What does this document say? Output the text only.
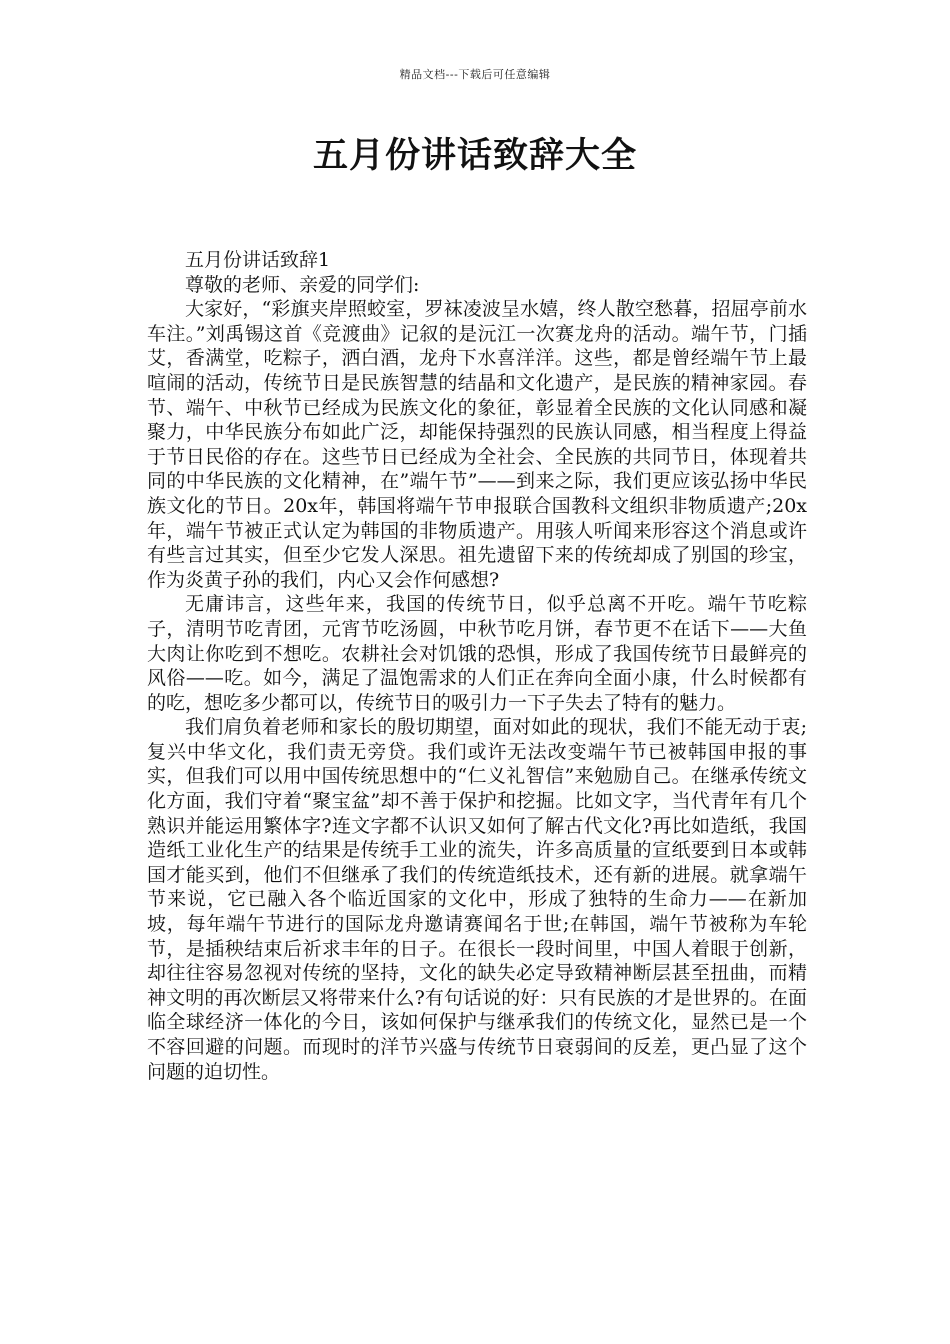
精品文档---下载后可任意编辑
五月份讲话致辞大全

五月份讲话致辞1

尊敬的老师、亲爱的同学们:

大家好，“彩旗夹岸照蛟室，罗袜凌波呈水嬉，终人散空愁暮，招屈亭前水车注。”刘禹锡这首《竞渡曲》记叙的是沅江一次赛龙舟的活动。端午节，门插艾，香满堂，吃粽子，洒白酒，龙舟下水喜洋洋。这些，都是曾经端午节上最喧闹的活动，传统节日是民族智慧的结晶和文化遗产，是民族的精神家园。春节、端午、中秋节已经成为民族文化的象征，彰显着全民族的文化认同感和凝聚力，中华民族分布如此广泛，却能保持强烈的民族认同感，相当程度上得益于节日民俗的存在。这些节日已经成为全社会、全民族的共同节日，体现着共同的中华民族的文化精神，在”端午节”——到来之际，我们更应该弘扬中华民族文化的节日。20x年，韩国将端午节申报联合国教科文组织非物质遗产;20x年，端午节被正式认定为韩国的非物质遗产。用骇人听闻来形容这个消息或许有些言过其实，但至少它发人深思。祖先遗留下来的传统却成了别国的珍宝，作为炎黄子孙的我们，内心又会作何感想?

无庸讳言，这些年来，我国的传统节日，似乎总离不开吃。端午节吃粽子，清明节吃青团，元宵节吃汤圆，中秋节吃月饼，春节更不在话下——大鱼大肉让你吃到不想吃。农耕社会对饥饿的恐惧，形成了我国传统节日最鲜亮的风俗——吃。如今，满足了温饱需求的人们正在奔向全面小康，什么时候都有的吃，想吃多少都可以，传统节日的吸引力一下子失去了特有的魅力。

我们肩负着老师和家长的殷切期望，面对如此的现状，我们不能无动于衷;复兴中华文化，我们责无旁贷。我们或许无法改变端午节已被韩国申报的事实，但我们可以用中国传统思想中的“仁义礼智信”来勉励自己。在继承传统文化方面，我们守着“聚宝盆”却不善于保护和挖掘。比如文字，当代青年有几个熟识并能运用繁体字?连文字都不认识又如何了解古代文化?再比如造纸，我国造纸工业化生产的结果是传统手工业的流失，许多高质量的宣纸要到日本或韩国才能买到，他们不但继承了我们的传统造纸技术，还有新的进展。就拿端午节来说，它已融入各个临近国家的文化中，形成了独特的生命力——在新加坡，每年端午节进行的国际龙舟邀请赛闻名于世;在韩国，端午节被称为车轮节，是插秧结束后祈求丰年的日子。在很长一段时间里，中国人着眼于创新，却往往容易忽视对传统的坚持，文化的缺失必定导致精神断层甚至扭曲，而精神文明的再次断层又将带来什么?有句话说的好：只有民族的才是世界的。在面临全球经济一体化的今日，该如何保护与继承我们的传统文化，显然已是一个不容回避的问题。而现时的洋节兴盛与传统节日衰弱间的反差，更凸显了这个问题的迫切性。
